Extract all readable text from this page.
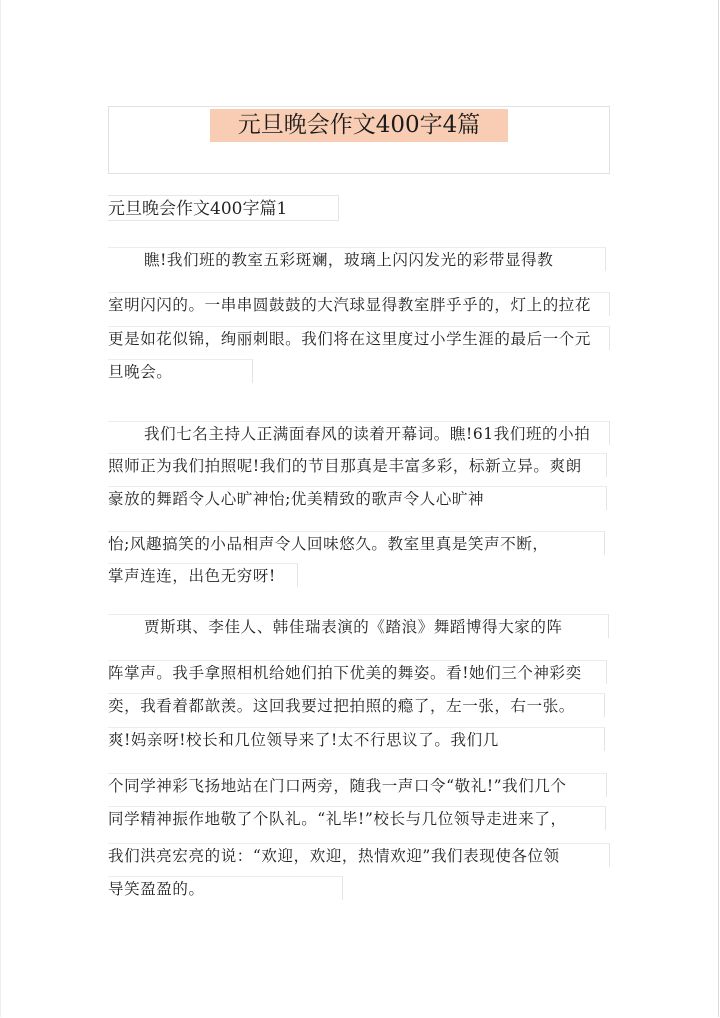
元旦晚会作文400字4篇
元旦晚会作文400字篇1
瞧!我们班的教室五彩斑斓，玻璃上闪闪发光的彩带显得教
室明闪闪的。一串串圆鼓鼓的大汽球显得教室胖乎乎的，灯上的拉花
更是如花似锦，绚丽刺眼。我们将在这里度过小学生涯的最后一个元
旦晚会。
我们七名主持人正满面春风的读着开幕词。瞧!61我们班的小拍
照师正为我们拍照呢!我们的节目那真是丰富多彩，标新立异。爽朗
豪放的舞蹈令人心旷神怡;优美精致的歌声令人心旷神
怡;风趣搞笑的小品相声令人回味悠久。教室里真是笑声不断，
掌声连连，出色无穷呀!
贾斯琪、李佳人、韩佳瑞表演的《踏浪》舞蹈博得大家的阵
阵掌声。我手拿照相机给她们拍下优美的舞姿。看!她们三个神彩奕
奕，我看着都歆羡。这回我要过把拍照的瘾了，左一张，右一张。
爽!妈亲呀!校长和几位领导来了!太不行思议了。我们几
个同学神彩飞扬地站在门口两旁，随我一声口令“敬礼!”我们几个
同学精神振作地敬了个队礼。“礼毕!”校长与几位领导走进来了，
我们洪亮宏亮的说：“欢迎，欢迎，热情欢迎”我们表现使各位领
导笑盈盈的。
